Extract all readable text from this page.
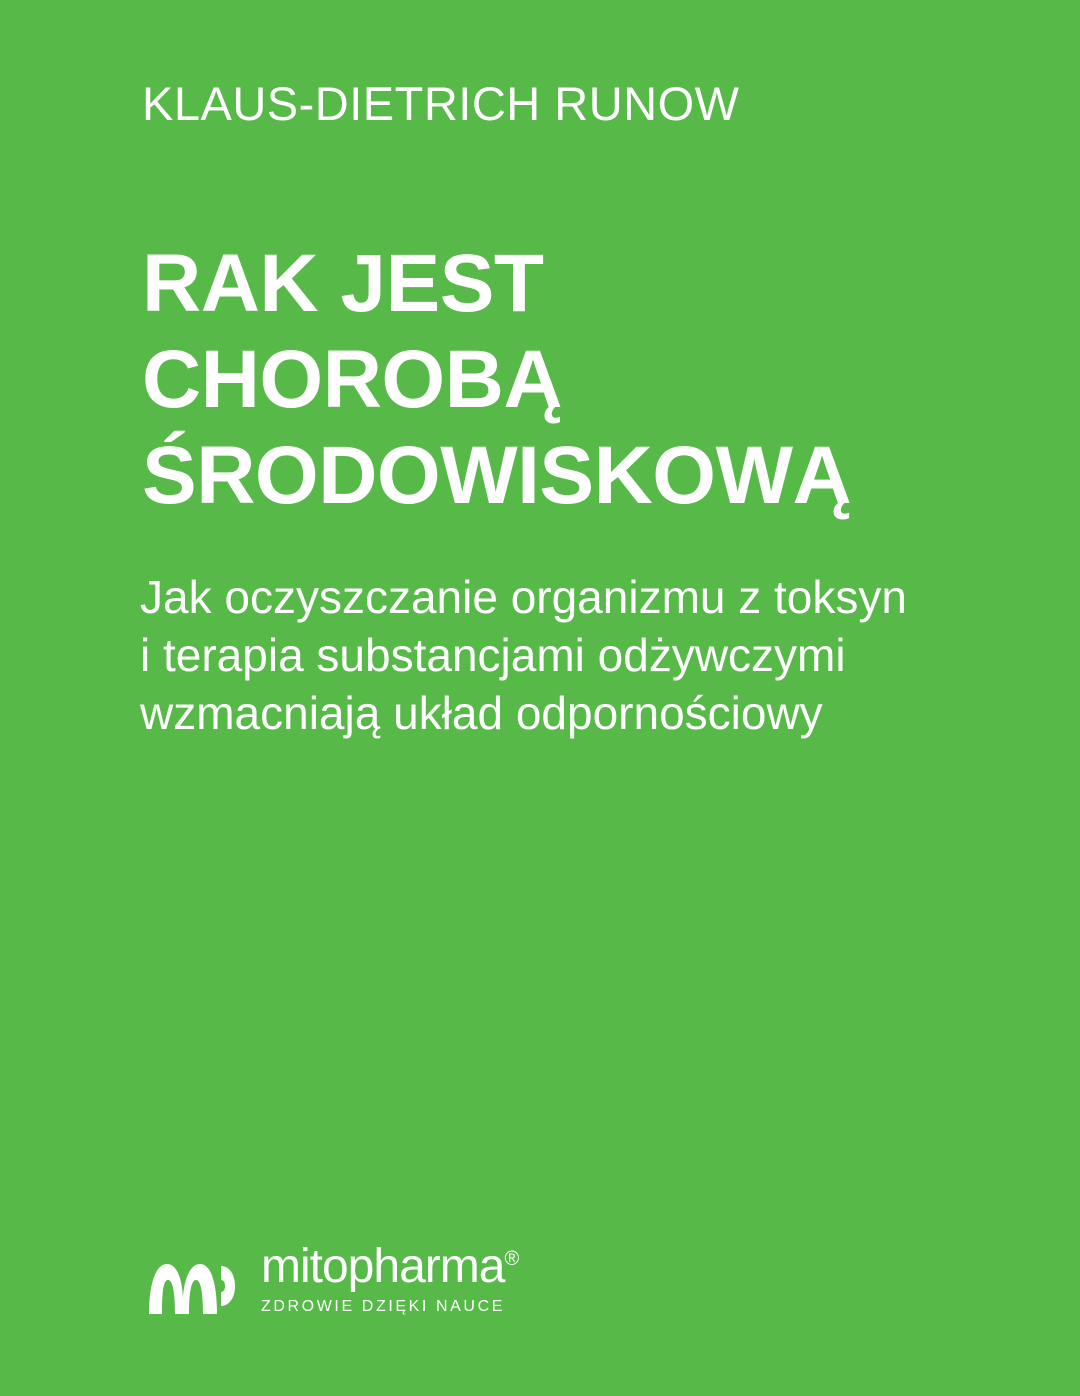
KLAUS-DIETRICH RUNOW
RAK JEST
CHOROBĄ
ŚRODOWISKOWĄ
Jak oczyszczanie organizmu z toksyn
i terapia substancjami odżywczymi
wzmacniają układ odpornościowy
mitopharma®
ZDROWIE DZIĘKI NAUCE
